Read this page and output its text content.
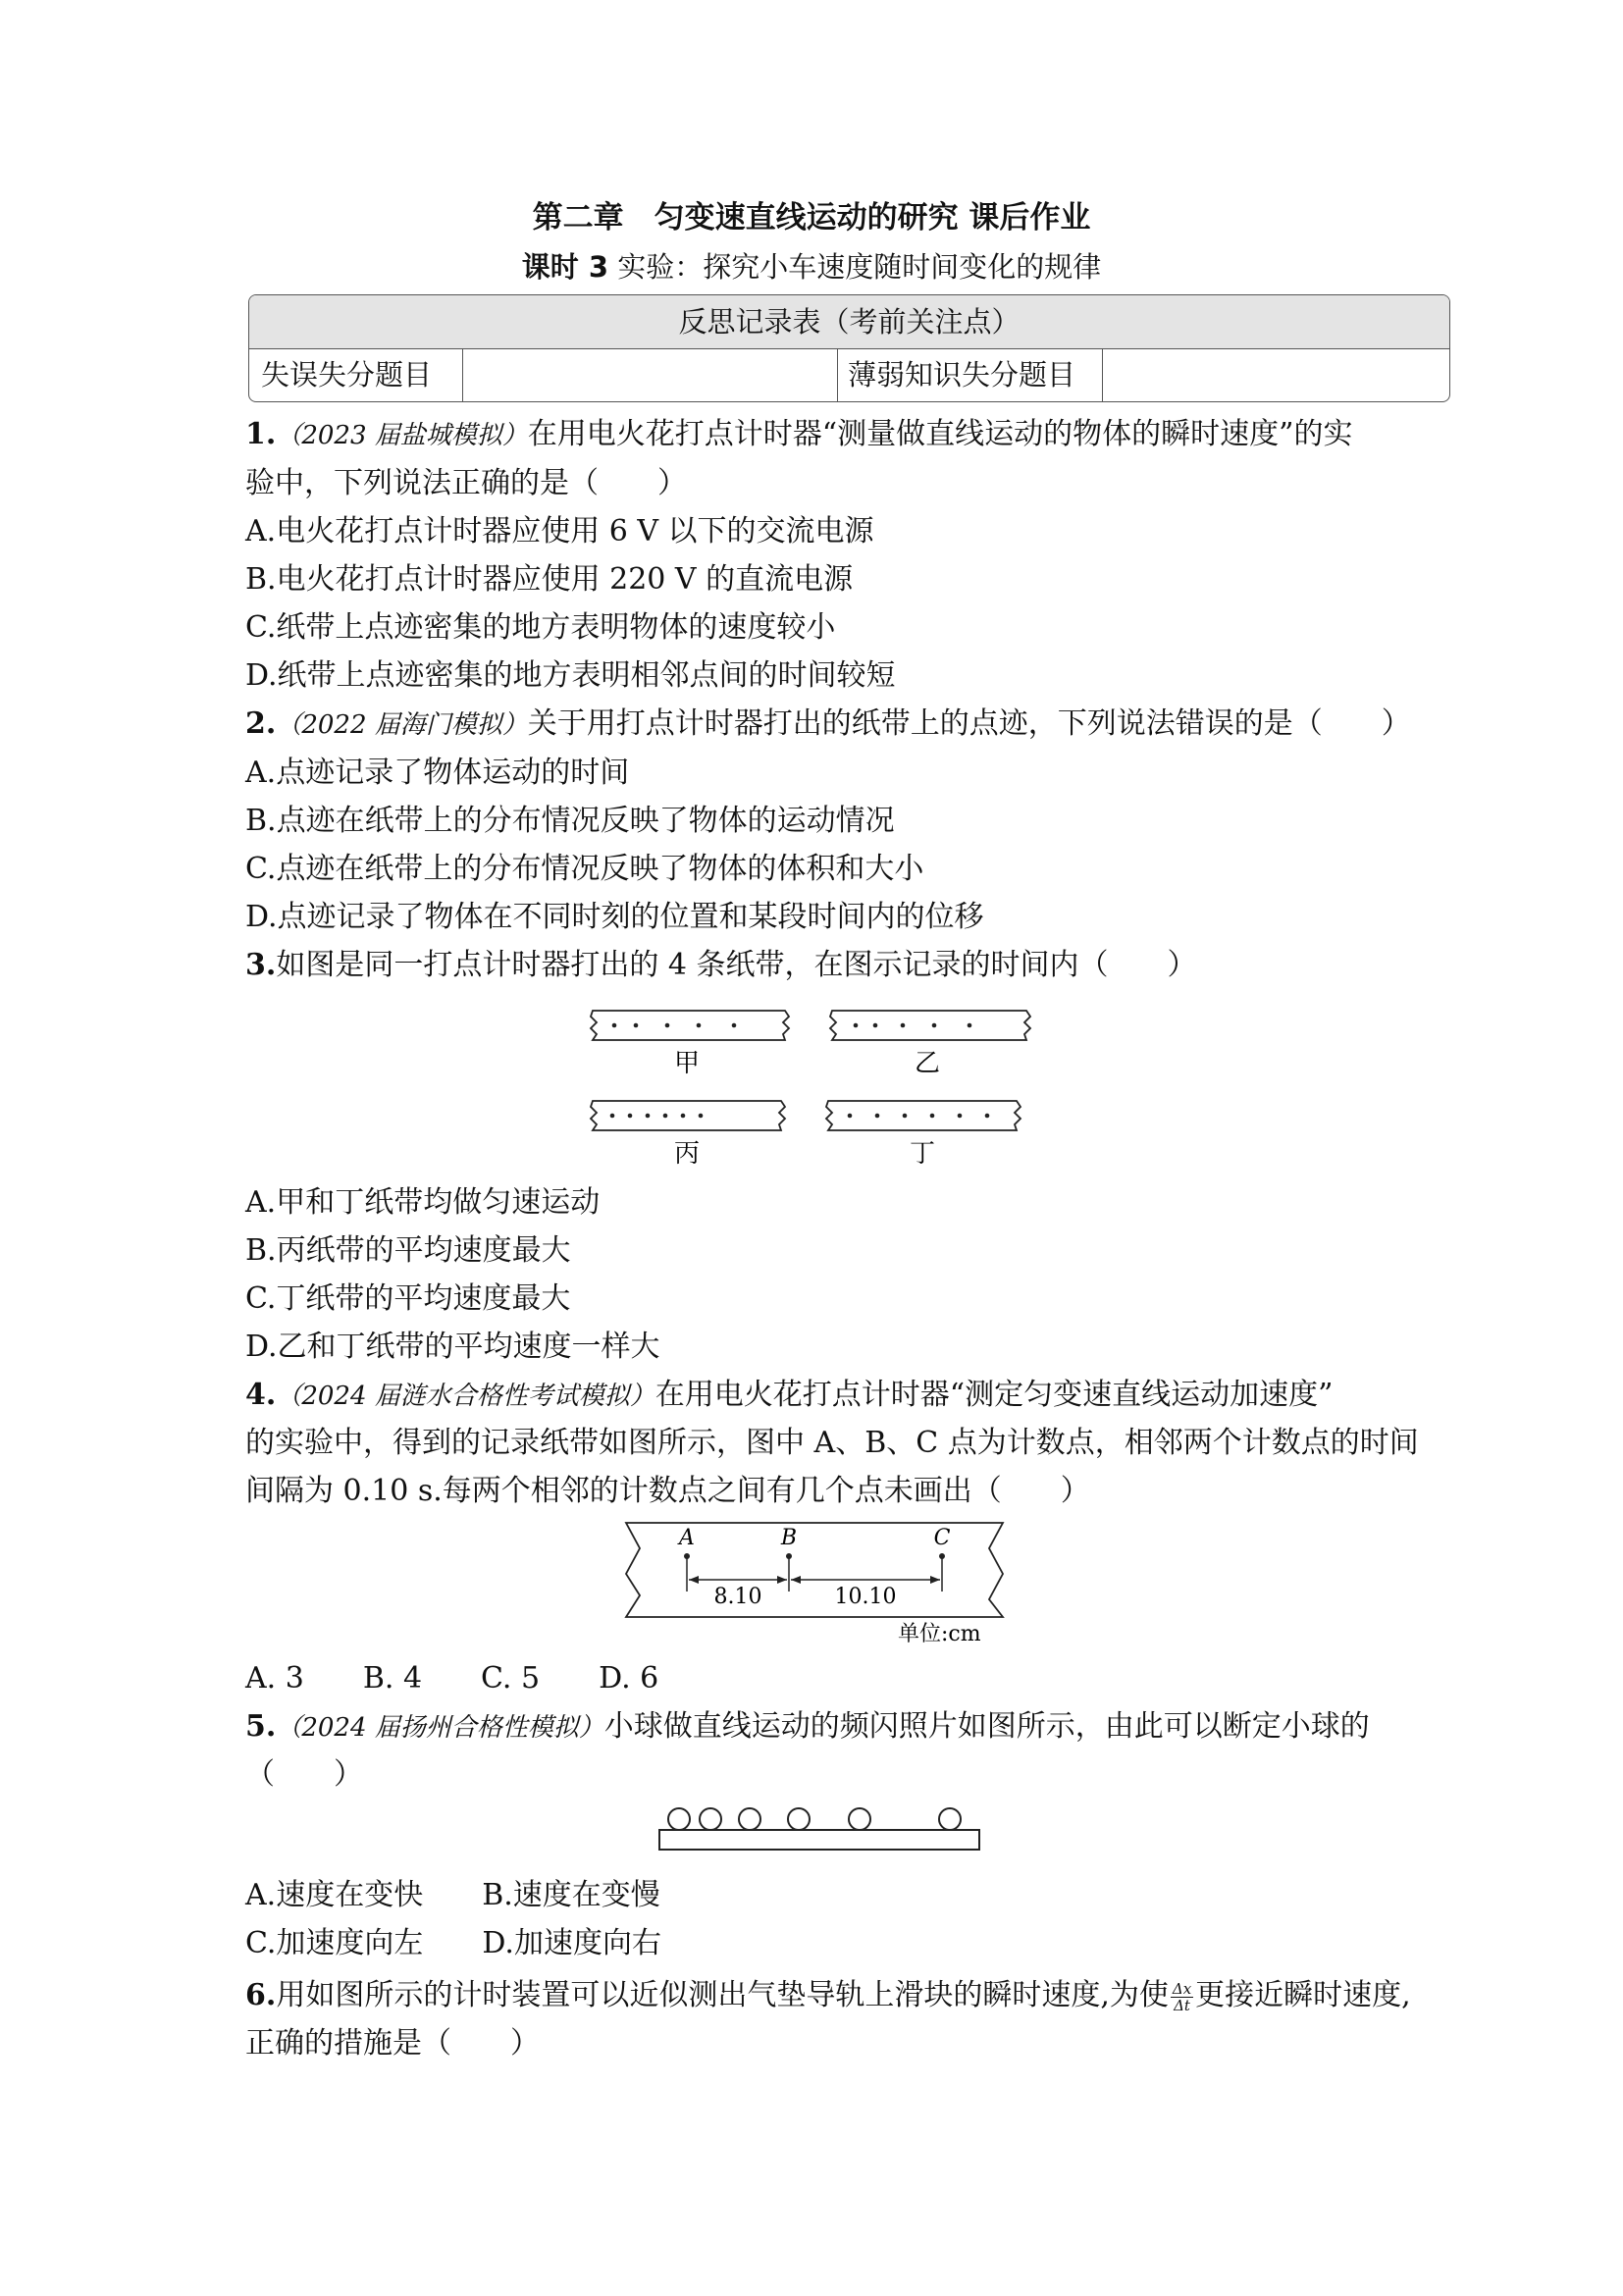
第二章　匀变速直线运动的研究 课后作业
课时 3 实验：探究小车速度随时间变化的规律
反思记录表（考前关注点）
失误失分题目	薄弱知识失分题目
1.（2023 届盐城模拟）在用电火花打点计时器“测量做直线运动的物体的瞬时速度”的实
验中，下列说法正确的是（　　）
A.电火花打点计时器应使用 6 V 以下的交流电源
B.电火花打点计时器应使用 220 V 的直流电源
C.纸带上点迹密集的地方表明物体的速度较小
D.纸带上点迹密集的地方表明相邻点间的时间较短
2.（2022 届海门模拟）关于用打点计时器打出的纸带上的点迹，下列说法错误的是（　　）
A.点迹记录了物体运动的时间
B.点迹在纸带上的分布情况反映了物体的运动情况
C.点迹在纸带上的分布情况反映了物体的体积和大小
D.点迹记录了物体在不同时刻的位置和某段时间内的位移
3.如图是同一打点计时器打出的 4 条纸带，在图示记录的时间内（　　）
甲	乙
丙	丁
A.甲和丁纸带均做匀速运动
B.丙纸带的平均速度最大
C.丁纸带的平均速度最大
D.乙和丁纸带的平均速度一样大
4.（2024 届涟水合格性考试模拟）在用电火花打点计时器“测定匀变速直线运动加速度”
的实验中，得到的记录纸带如图所示，图中 A、B、C 点为计数点，相邻两个计数点的时间
间隔为 0.10 s.每两个相邻的计数点之间有几个点未画出（　　）
A	B	C
8.10	10.10
单位:cm
A. 3 B. 4 C. 5 D. 6
5.（2024 届扬州合格性模拟）小球做直线运动的频闪照片如图所示，由此可以断定小球的
（　　）
A.速度在变快 B.速度在变慢
C.加速度向左 D.加速度向右
6.用如图所示的计时装置可以近似测出气垫导轨上滑块的瞬时速度,为使 $\frac{\Delta x}{\Delta t}$ 更接近瞬时速度,
正确的措施是（　　）
